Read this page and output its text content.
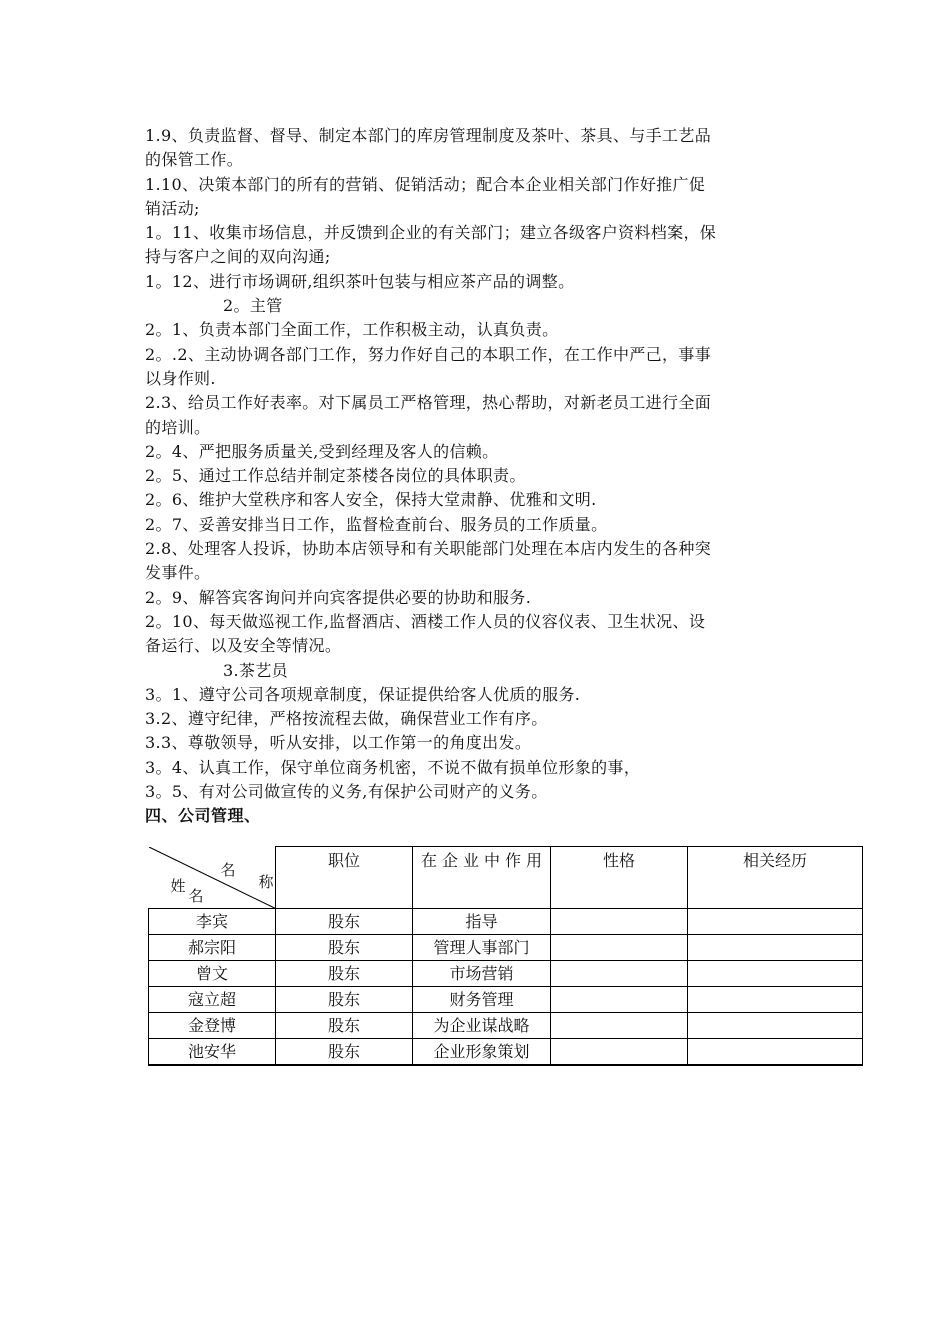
1.9、负责监督、督导、制定本部门的库房管理制度及茶叶、茶具、与手工艺品

的保管工作。

1.10、决策本部门的所有的营销、促销活动；配合本企业相关部门作好推广促

销活动;

1。11、收集市场信息，并反馈到企业的有关部门；建立各级客户资料档案，保

持与客户之间的双向沟通;

1。12、进行市场调研,组织茶叶包装与相应茶产品的调整。

2。主管

2。1、负责本部门全面工作，工作积极主动，认真负责。

2。.2、主动协调各部门工作，努力作好自己的本职工作，在工作中严己，事事

以身作则.

2.3、给员工作好表率。对下属员工严格管理，热心帮助，对新老员工进行全面

的培训。

2。4、严把服务质量关,受到经理及客人的信赖。

2。5、通过工作总结并制定茶楼各岗位的具体职责。

2。6、维护大堂秩序和客人安全，保持大堂肃静、优雅和文明.

2。7、妥善安排当日工作，监督检查前台、服务员的工作质量。

2.8、处理客人投诉，协助本店领导和有关职能部门处理在本店内发生的各种突

发事件。

2。9、解答宾客询问并向宾客提供必要的协助和服务.

2。10、每天做巡视工作,监督酒店、酒楼工作人员的仪容仪表、卫生状况、设

备运行、以及安全等情况。

3.茶艺员

3。1、遵守公司各项规章制度，保证提供给客人优质的服务.

3.2、遵守纪律，严格按流程去做，确保营业工作有序。

3.3、尊敬领导，听从安排，以工作第一的角度出发。

3。4、认真工作，保守单位商务机密，不说不做有损单位形象的事，

3。5、有对公司做宣传的义务,有保护公司财产的义务。

四、公司管理、

名
称
姓
名	职位	在企业中作用	性格	相关经历
李宾	股东	指导		
郝宗阳	股东	管理人事部门		
曾文	股东	市场营销		
寇立超	股东	财务管理		
金登博	股东	为企业谋战略		
池安华	股东	企业形象策划		
